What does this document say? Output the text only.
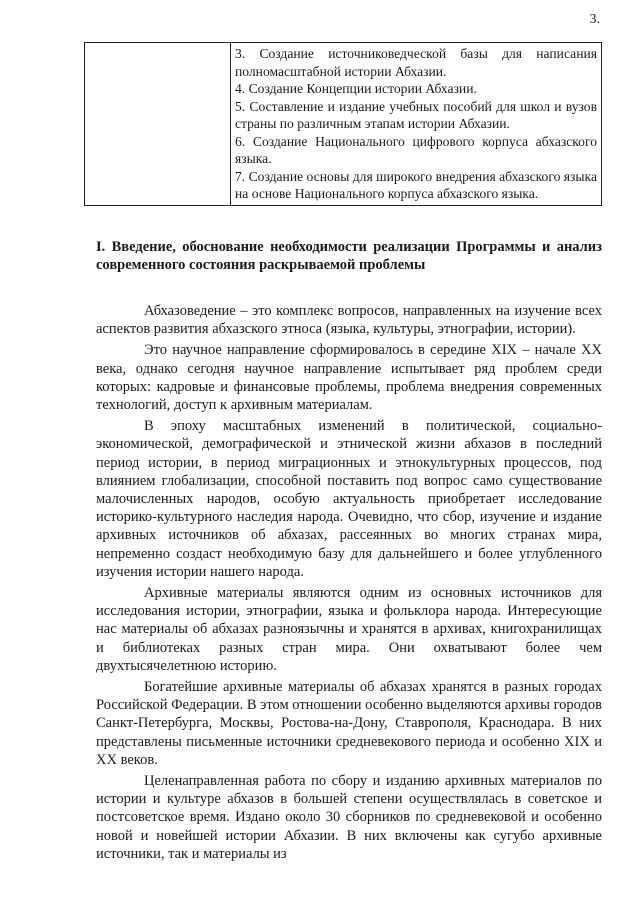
3.

3. Создание источниковедческой базы для написания полномасштабной истории Абхазии.

4. Создание Концепции истории Абхазии.

5. Составление и издание учебных пособий для школ и вузов страны по различным этапам истории Абхазии.

6. Создание Национального цифрового корпуса абхазского языка.

7. Создание основы для широкого внедрения абхазского языка на основе Национального корпуса абхазского языка.

I. Введение, обоснование необходимости реализации Программы и анализ современного состояния раскрываемой проблемы

Абхазоведение – это комплекс вопросов, направленных на изучение всех аспектов развития абхазского этноса (языка, культуры, этнографии, истории).

Это научное направление сформировалось в середине XIX – начале XX века, однако сегодня научное направление испытывает ряд проблем среди которых: кадровые и финансовые проблемы, проблема внедрения современных технологий, доступ к архивным материалам.

В эпоху масштабных изменений в политической, социально-экономической, демографической и этнической жизни абхазов в последний период истории, в период миграционных и этнокультурных процессов, под влиянием глобализации, способной поставить под вопрос само существование малочисленных народов, особую актуальность приобретает исследование историко-культурного наследия народа. Очевидно, что сбор, изучение и издание архивных источников об абхазах, рассеянных во многих странах мира, непременно создаст необходимую базу для дальнейшего и более углубленного изучения истории нашего народа.

Архивные материалы являются одним из основных источников для исследования истории, этнографии, языка и фольклора народа. Интересующие нас материалы об абхазах разноязычны и хранятся в архивах, книгохранилищах и библиотеках разных стран мира. Они охватывают более чем двухтысячелетнюю историю.

Богатейшие архивные материалы об абхазах хранятся в разных городах Российской Федерации. В этом отношении особенно выделяются архивы городов Санкт-Петербурга, Москвы, Ростова-на-Дону, Ставрополя, Краснодара. В них представлены письменные источники средневекового периода и особенно XIX и XX веков.

Целенаправленная работа по сбору и изданию архивных материалов по истории и культуре абхазов в большей степени осуществлялась в советское и постсоветское время. Издано около 30 сборников по средневековой и особенно новой и новейшей истории Абхазии. В них включены как сугубо архивные источники, так и материалы из
